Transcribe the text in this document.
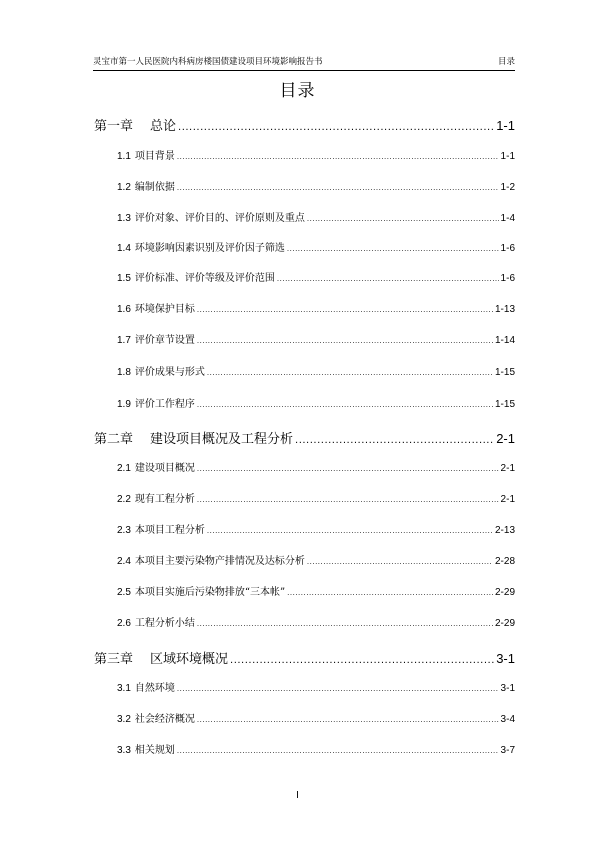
灵宝市第一人民医院内科病房楼国债建设项目环境影响报告书	目录
目录
第一章 总论 .....	1-1
1.1 项目背景 .....	1-1
1.2 编制依据 .....	1-2
1.3 评价对象、评价目的、评价原则及重点 .....	1-4
1.4 环境影响因素识别及评价因子筛选 .....	1-6
1.5 评价标准、评价等级及评价范围 .....	1-6
1.6 环境保护目标 .....	1-13
1.7 评价章节设置 .....	1-14
1.8 评价成果与形式 .....	1-15
1.9 评价工作程序 .....	1-15
第二章 建设项目概况及工程分析 .....	2-1
2.1 建设项目概况 .....	2-1
2.2 现有工程分析 .....	2-1
2.3 本项目工程分析 .....	2-13
2.4 本项目主要污染物产排情况及达标分析 .....	2-28
2.5 本项目实施后污染物排放“三本帐” .....	2-29
2.6 工程分析小结 .....	2-29
第三章 区域环境概况 .....	3-1
3.1 自然环境 .....	3-1
3.2 社会经济概况 .....	3-4
3.3 相关规划 .....	3-7
I
